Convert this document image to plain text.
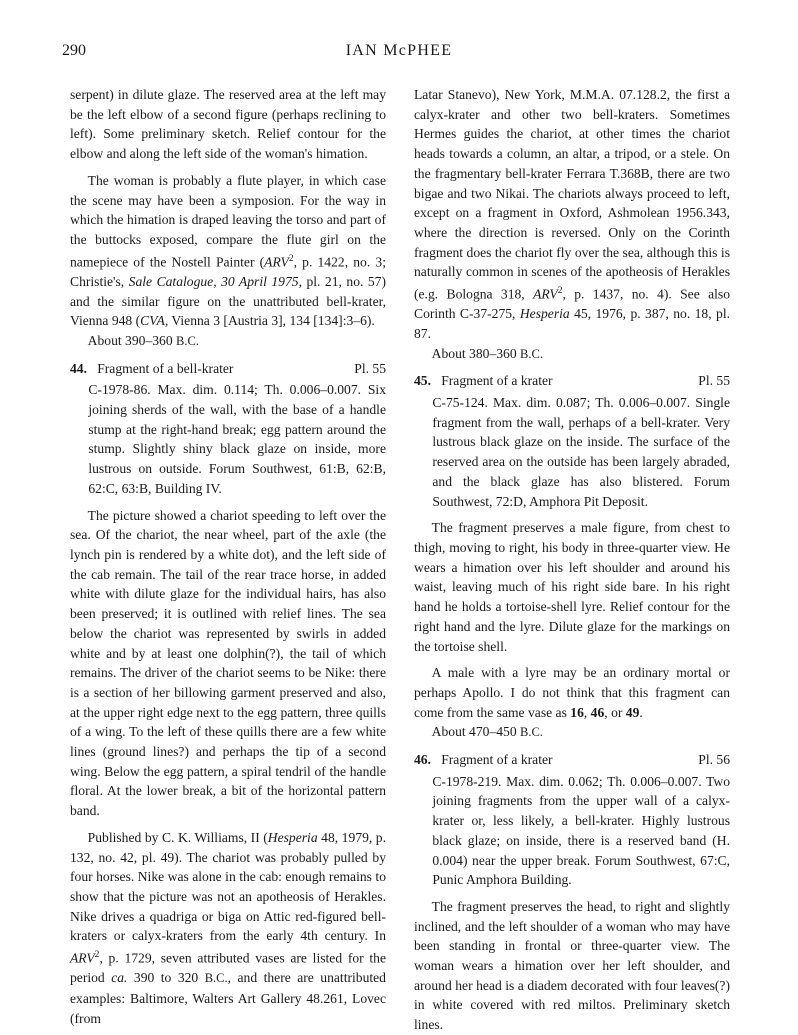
290	IAN McPHEE

serpent) in dilute glaze. The reserved area at the left may be the left elbow of a second figure (perhaps reclining to left). Some preliminary sketch. Relief contour for the elbow and along the left side of the woman's himation.

The woman is probably a flute player, in which case the scene may have been a symposion. For the way in which the himation is draped leaving the torso and part of the buttocks exposed, compare the flute girl on the namepiece of the Nostell Painter (ARV$^2$, p. 1422, no. 3; Christie's, Sale Catalogue, 30 April 1975, pl. 21, no. 57) and the similar figure on the unattributed bell-krater, Vienna 948 (CVA, Vienna 3 [Austria 3], 134 [134]:3–6).

About 390–360 B.C.

44. Fragment of a bell-krater	Pl. 55

C-1978-86. Max. dim. 0.114; Th. 0.006–0.007. Six joining sherds of the wall, with the base of a handle stump at the right-hand break; egg pattern around the stump. Slightly shiny black glaze on inside, more lustrous on outside. Forum Southwest, 61:B, 62:B, 62:C, 63:B, Building IV.

The picture showed a chariot speeding to left over the sea. Of the chariot, the near wheel, part of the axle (the lynch pin is rendered by a white dot), and the left side of the cab remain. The tail of the rear trace horse, in added white with dilute glaze for the individual hairs, has also been preserved; it is outlined with relief lines. The sea below the chariot was represented by swirls in added white and by at least one dolphin(?), the tail of which remains. The driver of the chariot seems to be Nike: there is a section of her billowing garment preserved and also, at the upper right edge next to the egg pattern, three quills of a wing. To the left of these quills there are a few white lines (ground lines?) and perhaps the tip of a second wing. Below the egg pattern, a spiral tendril of the handle floral. At the lower break, a bit of the horizontal pattern band.

Published by C. K. Williams, II (Hesperia 48, 1979, p. 132, no. 42, pl. 49). The chariot was probably pulled by four horses. Nike was alone in the cab: enough remains to show that the picture was not an apotheosis of Herakles. Nike drives a quadriga or biga on Attic red-figured bell-kraters or calyx-kraters from the early 4th century. In ARV$^2$, p. 1729, seven attributed vases are listed for the period ca. 390 to 320 B.C., and there are unattributed examples: Baltimore, Walters Art Gallery 48.261, Lovec (from

Latar Stanevo), New York, M.M.A. 07.128.2, the first a calyx-krater and other two bell-kraters. Sometimes Hermes guides the chariot, at other times the chariot heads towards a column, an altar, a tripod, or a stele. On the fragmentary bell-krater Ferrara T.368B, there are two bigae and two Nikai. The chariots always proceed to left, except on a fragment in Oxford, Ashmolean 1956.343, where the direction is reversed. Only on the Corinth fragment does the chariot fly over the sea, although this is naturally common in scenes of the apotheosis of Herakles (e.g. Bologna 318, ARV$^2$, p. 1437, no. 4). See also Corinth C-37-275, Hesperia 45, 1976, p. 387, no. 18, pl. 87.

About 380–360 B.C.

45. Fragment of a krater	Pl. 55

C-75-124. Max. dim. 0.087; Th. 0.006–0.007. Single fragment from the wall, perhaps of a bell-krater. Very lustrous black glaze on the inside. The surface of the reserved area on the outside has been largely abraded, and the black glaze has also blistered. Forum Southwest, 72:D, Amphora Pit Deposit.

The fragment preserves a male figure, from chest to thigh, moving to right, his body in three-quarter view. He wears a himation over his left shoulder and around his waist, leaving much of his right side bare. In his right hand he holds a tortoise-shell lyre. Relief contour for the right hand and the lyre. Dilute glaze for the markings on the tortoise shell.

A male with a lyre may be an ordinary mortal or perhaps Apollo. I do not think that this fragment can come from the same vase as 16, 46, or 49.

About 470–450 B.C.

46. Fragment of a krater	Pl. 56

C-1978-219. Max. dim. 0.062; Th. 0.006–0.007. Two joining fragments from the upper wall of a calyx-krater or, less likely, a bell-krater. Highly lustrous black glaze; on inside, there is a reserved band (H. 0.004) near the upper break. Forum Southwest, 67:C, Punic Amphora Building.

The fragment preserves the head, to right and slightly inclined, and the left shoulder of a woman who may have been standing in frontal or three-quarter view. The woman wears a himation over her left shoulder, and around her head is a diadem decorated with four leaves(?) in white covered with red miltos. Preliminary sketch lines.
